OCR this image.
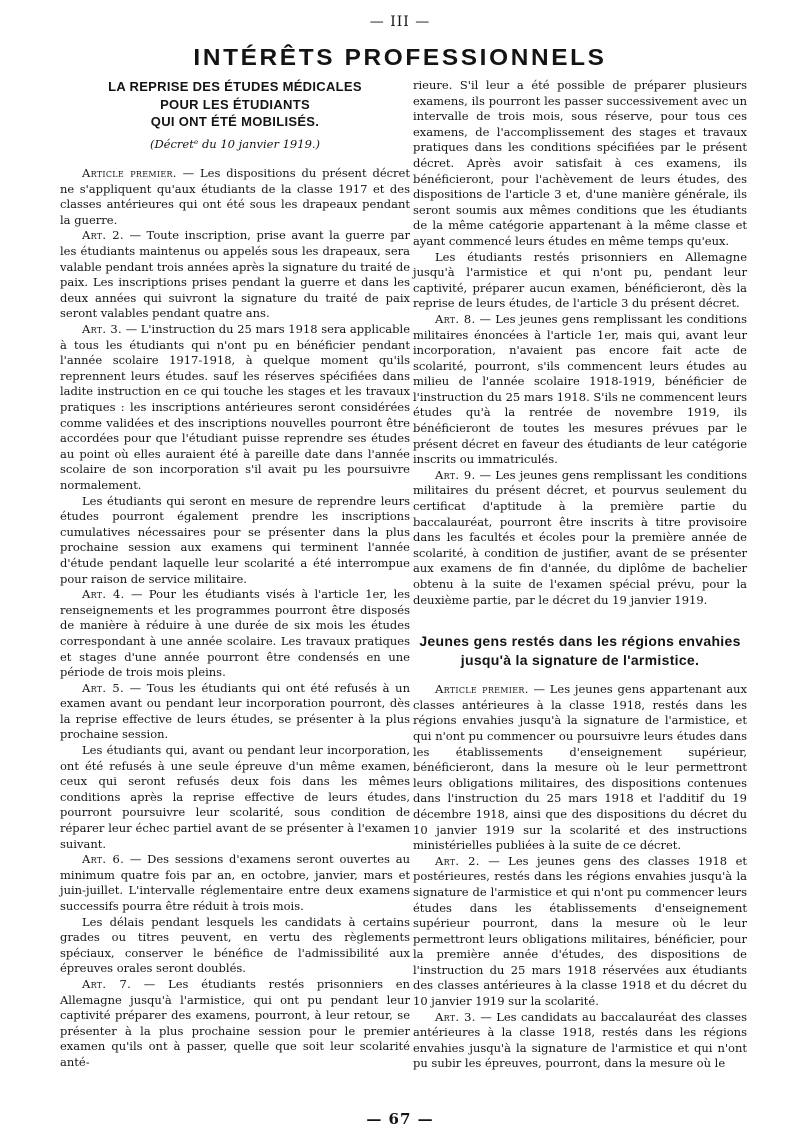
— III —
INTÉRÊTS PROFESSIONNELS
LA REPRISE DES ÉTUDES MÉDICALES
POUR LES ÉTUDIANTS
QUI ONT ÉTÉ MOBILISÉS.
(Décretᵉ du 10 janvier 1919.)

Article premier. — Les dispositions du présent décret ne s'appliquent qu'aux étudiants de la classe 1917 et des classes antérieures qui ont été sous les drapeaux pendant la guerre.

Art. 2. — Toute inscription, prise avant la guerre par les étudiants maintenus ou appelés sous les drapeaux, sera valable pendant trois années après la signature du traité de paix. Les inscriptions prises pendant la guerre et dans les deux années qui suivront la signature du traité de paix seront valables pendant quatre ans.

Art. 3. — L'instruction du 25 mars 1918 sera applicable à tous les étudiants qui n'ont pu en bénéficier pendant l'année scolaire 1917-1918, à quelque moment qu'ils reprennent leurs études. sauf les réserves spécifiées dans ladite instruction en ce qui touche les stages et les travaux pratiques : les inscriptions antérieures seront considérées comme validées et des inscriptions nouvelles pourront être accordées pour que l'étudiant puisse reprendre ses études au point où elles auraient été à pareille date dans l'année scolaire de son incorporation s'il avait pu les poursuivre normalement.

Les étudiants qui seront en mesure de reprendre leurs études pourront également prendre les inscriptions cumulatives nécessaires pour se présenter dans la plus prochaine session aux examens qui terminent l'année d'étude pendant laquelle leur scolarité a été interrompue pour raison de service militaire.

Art. 4. — Pour les étudiants visés à l'article 1er, les renseignements et les programmes pourront être disposés de manière à réduire à une durée de six mois les études correspondant à une année scolaire. Les travaux pratiques et stages d'une année pourront être condensés en une période de trois mois pleins.

Art. 5. — Tous les étudiants qui ont été refusés à un examen avant ou pendant leur incorporation pourront, dès la reprise effective de leurs études, se présenter à la plus prochaine session.

Les étudiants qui, avant ou pendant leur incorporation, ont été refusés à une seule épreuve d'un même examen, ceux qui seront refusés deux fois dans les mêmes conditions après la reprise effective de leurs études, pourront poursuivre leur scolarité, sous condition de réparer leur échec partiel avant de se présenter à l'examen suivant.

Art. 6. — Des sessions d'examens seront ouvertes au minimum quatre fois par an, en octobre, janvier, mars et juin-juillet. L'intervalle réglementaire entre deux examens successifs pourra être réduit à trois mois.

Les délais pendant lesquels les candidats à certains grades ou titres peuvent, en vertu des règlements spéciaux, conserver le bénéfice de l'admissibilité aux épreuves orales seront doublés.

Art. 7. — Les étudiants restés prisonniers en Allemagne jusqu'à l'armistice, qui ont pu pendant leur captivité préparer des examens, pourront, à leur retour, se présenter à la plus prochaine session pour le premier examen qu'ils ont à passer, quelle que soit leur scolarité anté-

rieure. S'il leur a été possible de préparer plusieurs examens, ils pourront les passer successivement avec un intervalle de trois mois, sous réserve, pour tous ces examens, de l'accomplissement des stages et travaux pratiques dans les conditions spécifiées par le présent décret. Après avoir satisfait à ces examens, ils bénéficieront, pour l'achèvement de leurs études, des dispositions de l'article 3 et, d'une manière générale, ils seront soumis aux mêmes conditions que les étudiants de la même catégorie appartenant à la même classe et ayant commencé leurs études en même temps qu'eux.

Les étudiants restés prisonniers en Allemagne jusqu'à l'armistice et qui n'ont pu, pendant leur captivité, préparer aucun examen, bénéficieront, dès la reprise de leurs études, de l'article 3 du présent décret.

Art. 8. — Les jeunes gens remplissant les conditions militaires énoncées à l'article 1er, mais qui, avant leur incorporation, n'avaient pas encore fait acte de scolarité, pourront, s'ils commencent leurs études au milieu de l'année scolaire 1918-1919, bénéficier de l'instruction du 25 mars 1918. S'ils ne commencent leurs études qu'à la rentrée de novembre 1919, ils bénéficieront de toutes les mesures prévues par le présent décret en faveur des étudiants de leur catégorie inscrits ou immatriculés.

Art. 9. — Les jeunes gens remplissant les conditions militaires du présent décret, et pourvus seulement du certificat d'aptitude à la première partie du baccalauréat, pourront être inscrits à titre provisoire dans les facultés et écoles pour la première année de scolarité, à condition de justifier, avant de se présenter aux examens de fin d'année, du diplôme de bachelier obtenu à la suite de l'examen spécial prévu, pour la deuxième partie, par le décret du 19 janvier 1919.

Jeunes gens restés dans les régions envahies
jusqu'à la signature de l'armistice.

Article premier. — Les jeunes gens appartenant aux classes antérieures à la classe 1918, restés dans les régions envahies jusqu'à la signature de l'armistice, et qui n'ont pu commencer ou poursuivre leurs études dans les établissements d'enseignement supérieur, bénéficieront, dans la mesure où le leur permettront leurs obligations militaires, des dispositions contenues dans l'instruction du 25 mars 1918 et l'additif du 19 décembre 1918, ainsi que des dispositions du décret du 10 janvier 1919 sur la scolarité et des instructions ministérielles publiées à la suite de ce décret.

Art. 2. — Les jeunes gens des classes 1918 et postérieures, restés dans les régions envahies jusqu'à la signature de l'armistice et qui n'ont pu commencer leurs études dans les établissements d'enseignement supérieur pourront, dans la mesure où le leur permettront leurs obligations militaires, bénéficier, pour la première année d'études, des dispositions de l'instruction du 25 mars 1918 réservées aux étudiants des classes antérieures à la classe 1918 et du décret du 10 janvier 1919 sur la scolarité.

Art. 3. — Les candidats au baccalauréat des classes antérieures à la classe 1918, restés dans les régions envahies jusqu'à la signature de l'armistice et qui n'ont pu subir les épreuves, pourront, dans la mesure où le

— 67 —
